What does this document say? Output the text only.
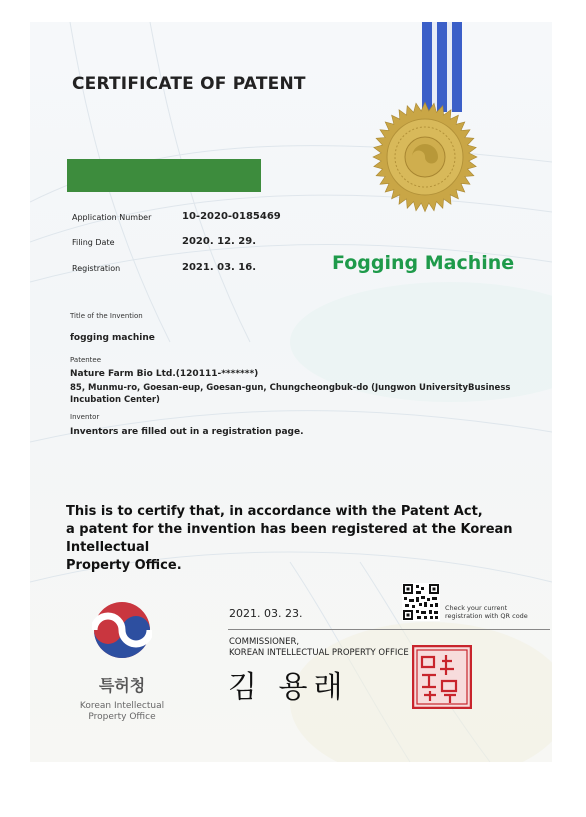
CERTIFICATE OF PATENT
Application Number	10-2020-0185469
Filing Date	2020. 12. 29.
Registration	2021. 03. 16.	Fogging Machine
Title of the Invention
fogging machine
Patentee
Nature Farm Bio Ltd.(120111-*******)
85, Munmu-ro, Goesan-eup, Goesan-gun, Chungcheongbuk-do (Jungwon UniversityBusiness
Incubation Center)
Inventor
Inventors are filled out in a registration page.
This is to certify that, in accordance with the Patent Act,
a patent for the invention has been registered at the Korean Intellectual
Property Office.
특허청
Korean Intellectual
Property Office
2021. 03. 23.	Check your current
registration with QR code
COMMISSIONER,
KOREAN INTELLECTUAL PROPERTY OFFICE
김 용래
